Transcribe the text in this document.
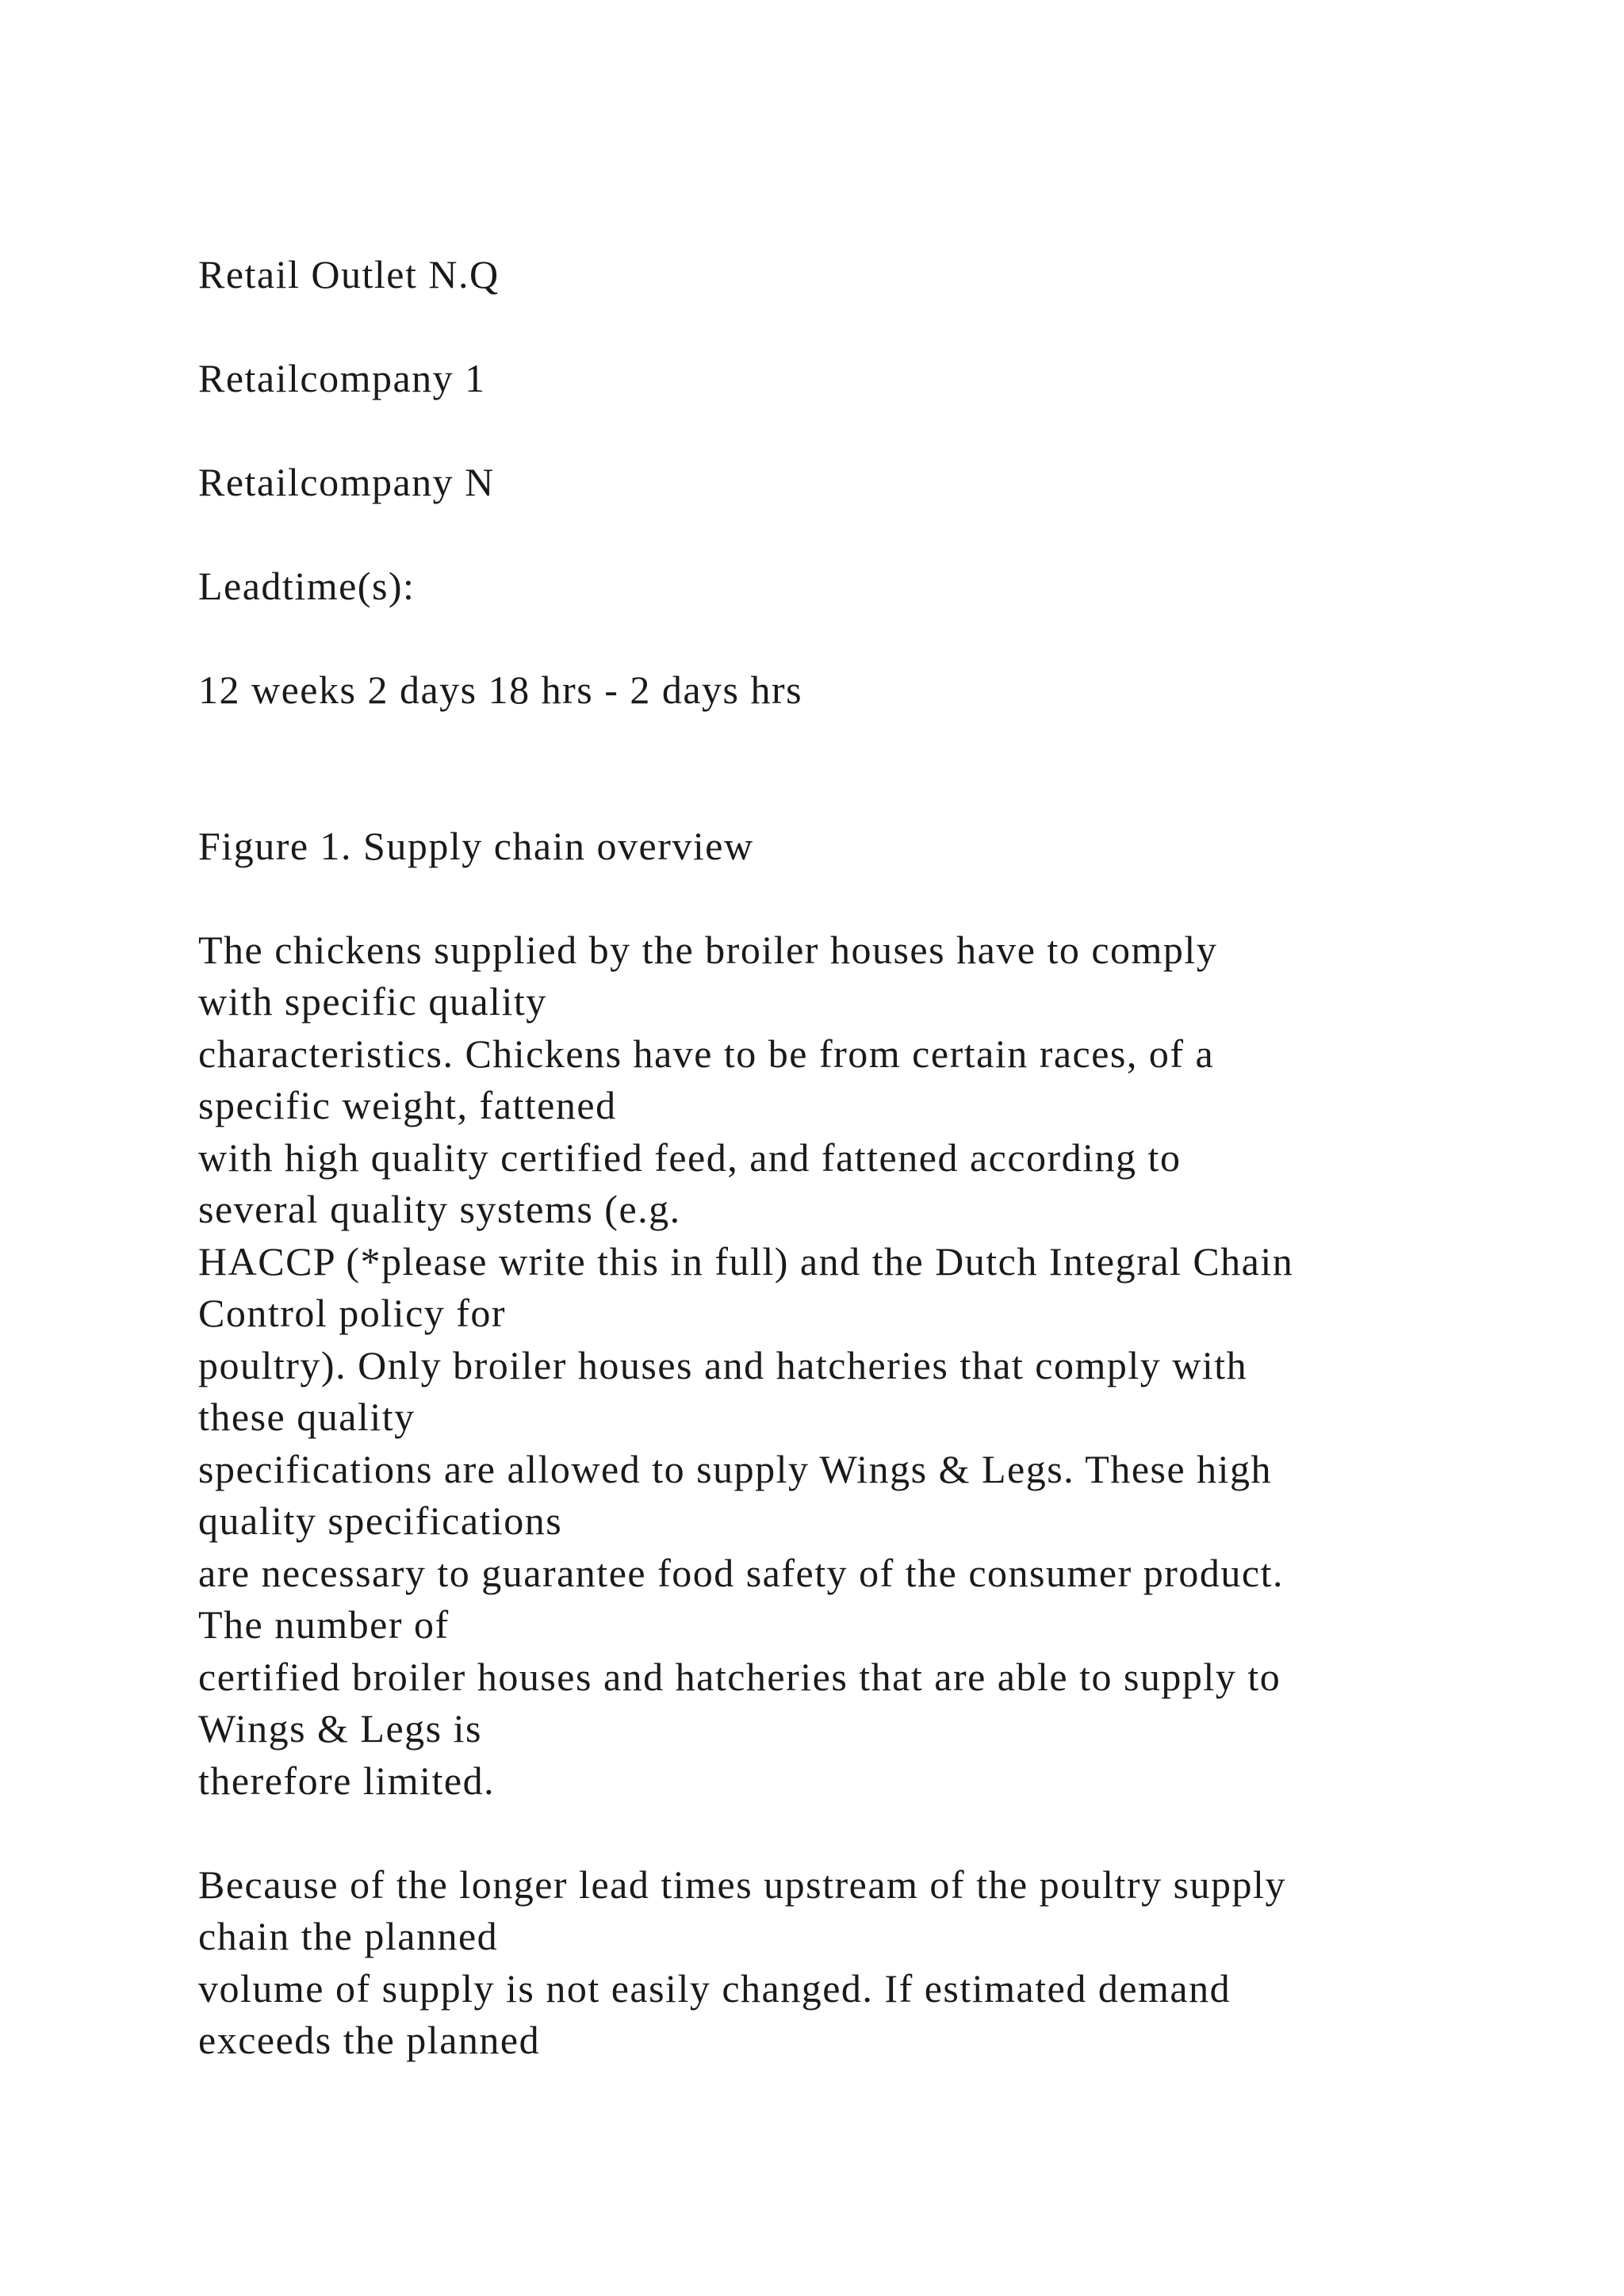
Retail Outlet N.Q
Retailcompany 1
Retailcompany N
Leadtime(s):
12 weeks 2 days 18 hrs - 2 days hrs
Figure 1. Supply chain overview
The chickens supplied by the broiler houses have to comply
with specific quality
characteristics. Chickens have to be from certain races, of a
specific weight, fattened
with high quality certified feed, and fattened according to
several quality systems (e.g.
HACCP (*please write this in full) and the Dutch Integral Chain
Control policy for
poultry). Only broiler houses and hatcheries that comply with
these quality
specifications are allowed to supply Wings & Legs. These high
quality specifications
are necessary to guarantee food safety of the consumer product.
The number of
certified broiler houses and hatcheries that are able to supply to
Wings & Legs is
therefore limited.
Because of the longer lead times upstream of the poultry supply
chain the planned
volume of supply is not easily changed. If estimated demand
exceeds the planned
